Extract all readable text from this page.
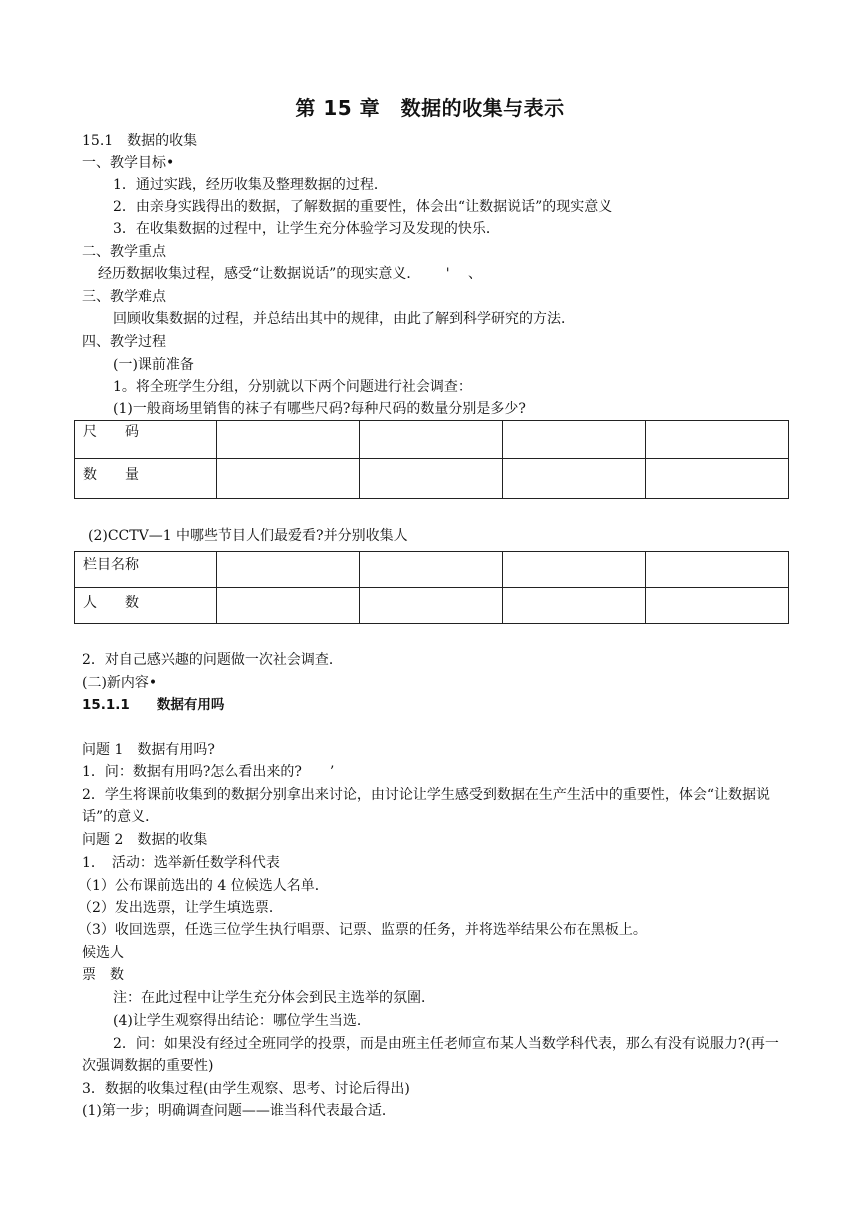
第 15 章　数据的收集与表示
15.1　数据的收集
一、教学目标•
1．通过实践，经历收集及整理数据的过程．
2．由亲身实践得出的数据，了解数据的重要性，体会出“让数据说话”的现实意义
3．在收集数据的过程中，让学生充分体验学习及发现的快乐．
二、教学重点
经历数据收集过程，感受“让数据说话”的现实意义．　　 '　 、
三、教学难点
回顾收集数据的过程，并总结出其中的规律，由此了解到科学研究的方法．
四、教学过程
(一)课前准备
1。将全班学生分组，分别就以下两个问题进行社会调查：
(1)一般商场里销售的袜子有哪些尺码?每种尺码的数量分别是多少?
尺　　码				
数　　量				
(2)CCTV—1 中哪些节目人们最爱看?并分别收集人
栏目名称				
人　　数				
2．对自己感兴趣的问题做一次社会调查．
(二)新内容•
15.1.1　　数据有用吗
问题 1　数据有用吗?
1．问：数据有用吗?怎么看出来的?　　’
2．学生将课前收集到的数据分别拿出来讨论，由讨论让学生感受到数据在生产生活中的重要性，体会“让数据说话”的意义．
问题 2　数据的收集
1．　活动：选举新任数学科代表
（1）公布课前选出的 4 位候选人名单．
（2）发出选票，让学生填选票．
（3）收回选票，任选三位学生执行唱票、记票、监票的任务，并将选举结果公布在黑板上。
候选人
票　数
注：在此过程中让学生充分体会到民主选举的氛圍．
(4)让学生观察得出结论：哪位学生当选．
2．问：如果没有经过全班同学的投票，而是由班主任老师宣布某人当数学科代表，那么有没有说服力?(再一次强调数据的重要性)
3．数据的收集过程(由学生观察、思考、讨论后得出)
(1)第一步；明确调查问题——谁当科代表最合适．
